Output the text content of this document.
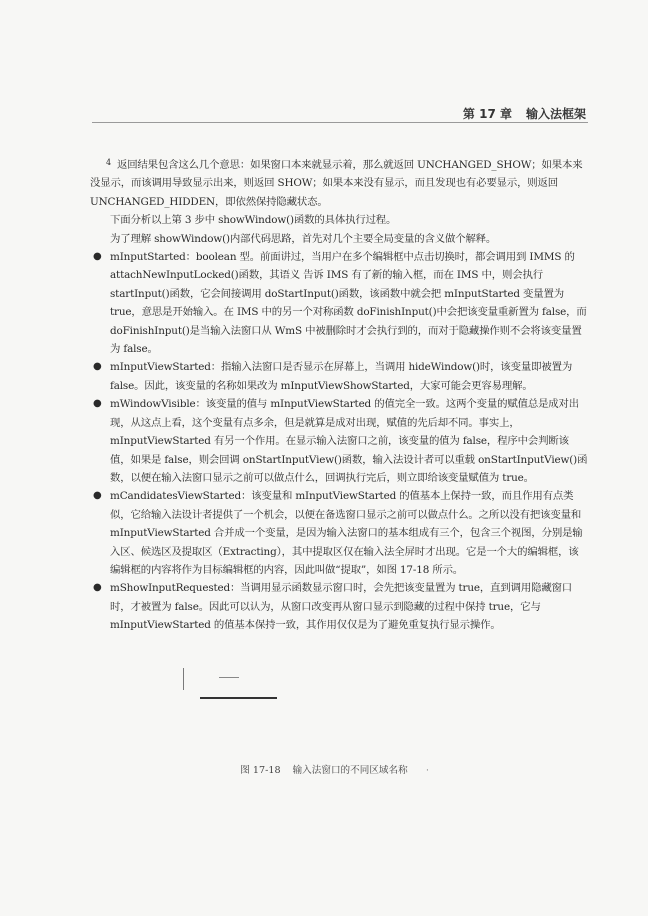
第 17 章 输入法框架

$^4$ 返回结果包含这么几个意思：如果窗口本来就显示着，那么就返回 UNCHANGED_SHOW；如果本来没显示，而该调用导致显示出来，则返回 SHOW；如果本来没有显示，而且发现也有必要显示，则返回 UNCHANGED_HIDDEN，即依然保持隐藏状态。

下面分析以上第 3 步中 showWindow()函数的具体执行过程。

为了理解 showWindow()内部代码思路，首先对几个主要全局变量的含义做个解释。

● mInputStarted：boolean 型。前面讲过，当用户在多个编辑框中点击切换时，都会调用到 IMMS 的 attachNewInputLocked()函数，其语义 告诉 IMS 有了新的输入框，而在 IMS 中，则会执行 startInput()函数，它会间接调用 doStartInput()函数，该函数中就会把 mInputStarted 变量置为 true，意思是开始输入。在 IMS 中的另一个对称函数 doFinishInput()中会把该变量重新置为 false，而 doFinishInput()是当输入法窗口从 WmS 中被删除时才会执行到的，而对于隐藏操作则不会将该变量置为 false。
● mInputViewStarted：指输入法窗口是否显示在屏幕上，当调用 hideWindow()时，该变量即被置为 false。因此，该变量的名称如果改为 mInputViewShowStarted，大家可能会更容易理解。
● mWindowVisible：该变量的值与 mInputViewStarted 的值完全一致。这两个变量的赋值总是成对出现，从这点上看，这个变量有点多余，但是就算是成对出现，赋值的先后却不同。事实上，mInputViewStarted 有另一个作用。在显示输入法窗口之前，该变量的值为 false，程序中会判断该值，如果是 false，则会回调 onStartInputView()函数，输入法设计者可以重载 onStartInputView()函数，以便在输入法窗口显示之前可以做点什么，回调执行完后，则立即给该变量赋值为 true。
● mCandidatesViewStarted：该变量和 mInputViewStarted 的值基本上保持一致，而且作用有点类似，它给输入法设计者提供了一个机会，以便在备选窗口显示之前可以做点什么。之所以没有把该变量和 mInputViewStarted 合并成一个变量，是因为输入法窗口的基本组成有三个，包含三个视图，分别是输入区、候选区及提取区（Extracting），其中提取区仅在输入法全屏时才出现。它是一个大的编辑框，该编辑框的内容将作为目标编辑框的内容，因此叫做“提取”，如图 17-18 所示。
● mShowInputRequested：当调用显示函数显示窗口时，会先把该变量置为 true，直到调用隐藏窗口时，才被置为 false。因此可以认为，从窗口改变再从窗口显示到隐藏的过程中保持 true，它与 mInputViewStarted 的值基本保持一致，其作用仅仅是为了避免重复执行显示操作。
图 17-18 输入法窗口的不同区域名称	·
